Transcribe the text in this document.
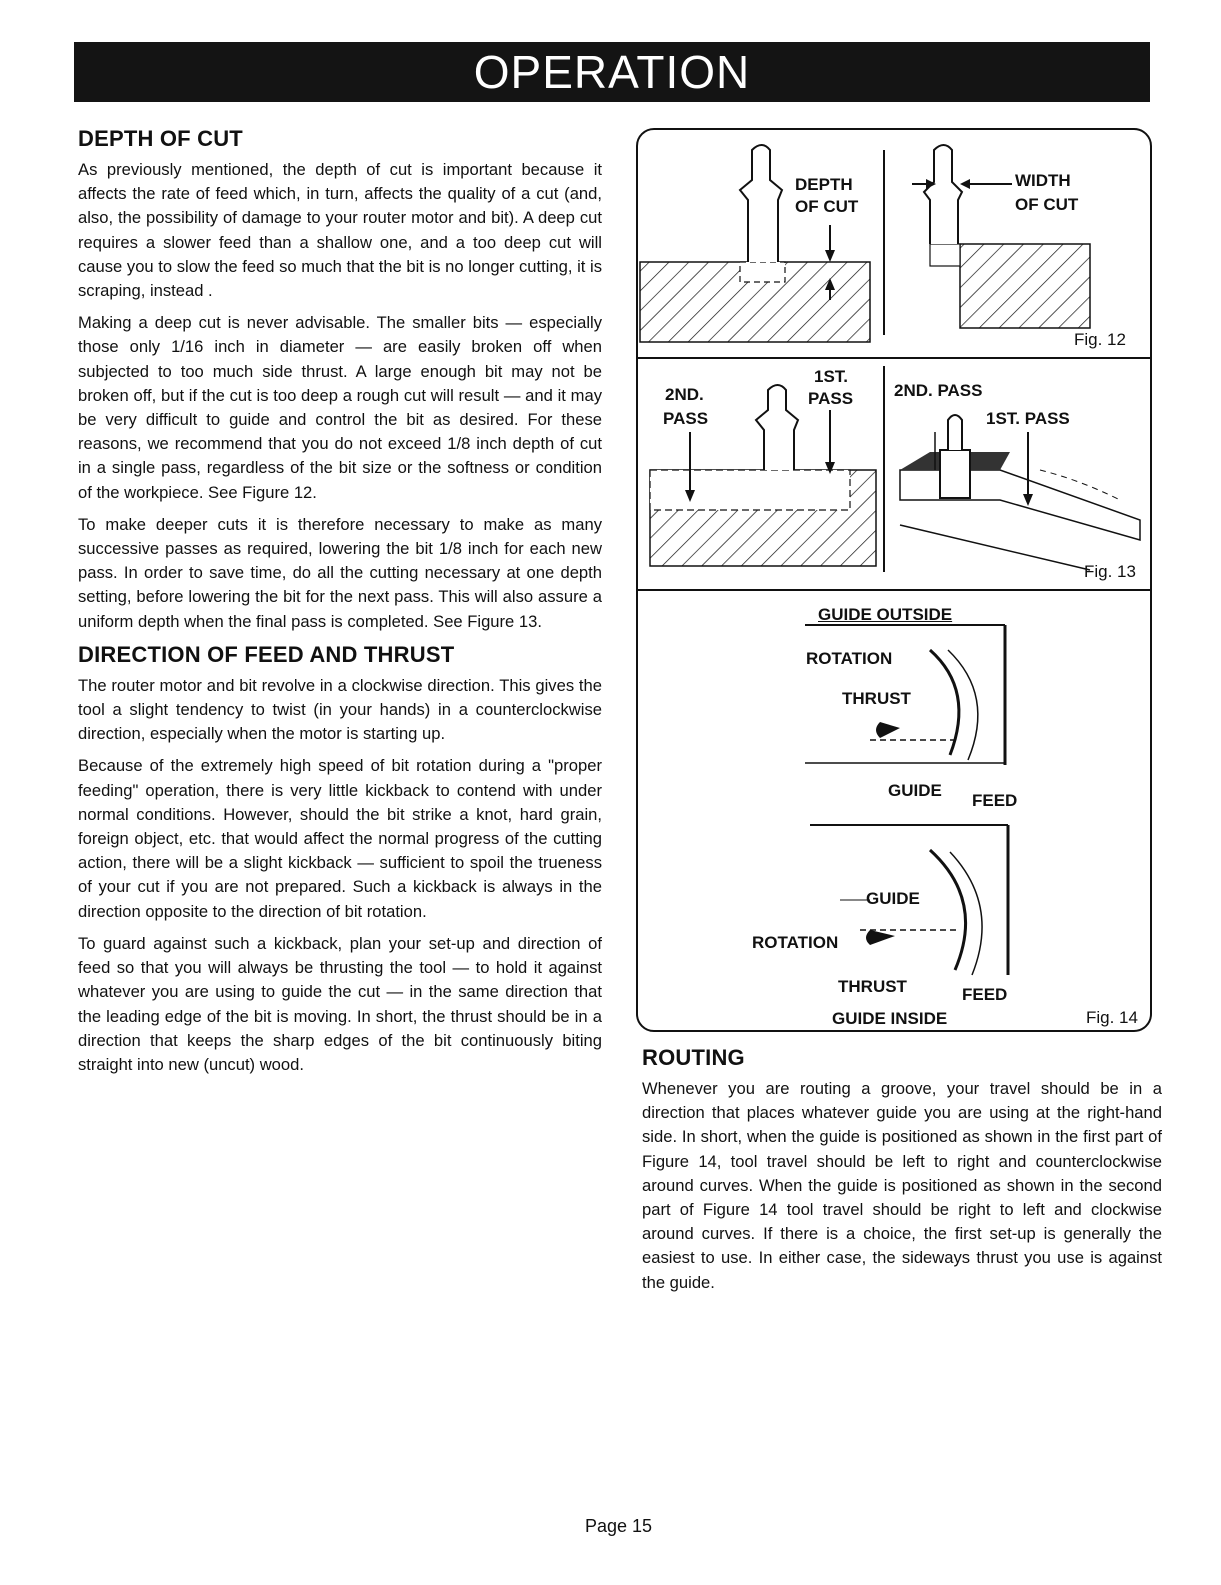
OPERATION
DEPTH OF CUT

As previously mentioned, the depth of cut is important because it affects the rate of feed which, in turn, affects the quality of a cut (and, also, the possibility of damage to your router motor and bit). A deep cut requires a slower feed than a shallow one, and a too deep cut will cause you to slow the feed so much that the bit is no longer cutting, it is scraping, instead .

Making a deep cut is never advisable. The smaller bits — especially those only 1/16 inch in diameter — are easily broken off when subjected to too much side thrust. A large enough bit may not be broken off, but if the cut is too deep a rough cut will result — and it may be very difficult to guide and control the bit as desired. For these reasons, we recommend that you do not exceed 1/8 inch depth of cut in a single pass, regardless of the bit size or the softness or condition of the workpiece. See Figure 12.

To make deeper cuts it is therefore necessary to make as many successive passes as required, lowering the bit 1/8 inch for each new pass. In order to save time, do all the cutting necessary at one depth setting, before lowering the bit for the next pass. This will also assure a uniform depth when the final pass is completed. See Figure 13.

DIRECTION OF FEED AND THRUST

The router motor and bit revolve in a clockwise direction. This gives the tool a slight tendency to twist (in your hands) in a counterclockwise direction, especially when the motor is starting up.

Because of the extremely high speed of bit rotation during a "proper feeding" operation, there is very little kickback to contend with under normal conditions. However, should the bit strike a knot, hard grain, foreign object, etc. that would affect the normal progress of the cutting action, there will be a slight kickback — sufficient to spoil the trueness of your cut if you are not prepared. Such a kickback is always in the direction opposite to the direction of bit rotation.

To guard against such a kickback, plan your set-up and direction of feed so that you will always be thrusting the tool — to hold it against whatever you are using to guide the cut — in the same direction that the leading edge of the bit is moving. In short, the thrust should be in a direction that keeps the sharp edges of the bit continuously biting straight into new (uncut) wood.

DEPTH
OF CUT
WIDTH
OF CUT
Fig. 12
2ND.
PASS
1ST.
PASS 2ND. PASS
1ST. PASS
Fig. 13
GUIDE OUTSIDE
ROTATION
THRUST
GUIDE
FEED
GUIDE
ROTATION
THRUST	FEED
GUIDE INSIDE	Fig. 14
ROUTING

Whenever you are routing a groove, your travel should be in a direction that places whatever guide you are using at the right-hand side. In short, when the guide is positioned as shown in the first part of Figure 14, tool travel should be left to right and counterclockwise around curves. When the guide is positioned as shown in the second part of Figure 14 tool travel should be right to left and clockwise around curves. If there is a choice, the first set-up is generally the easiest to use. In either case, the sideways thrust you use is against the guide.

Page 15
